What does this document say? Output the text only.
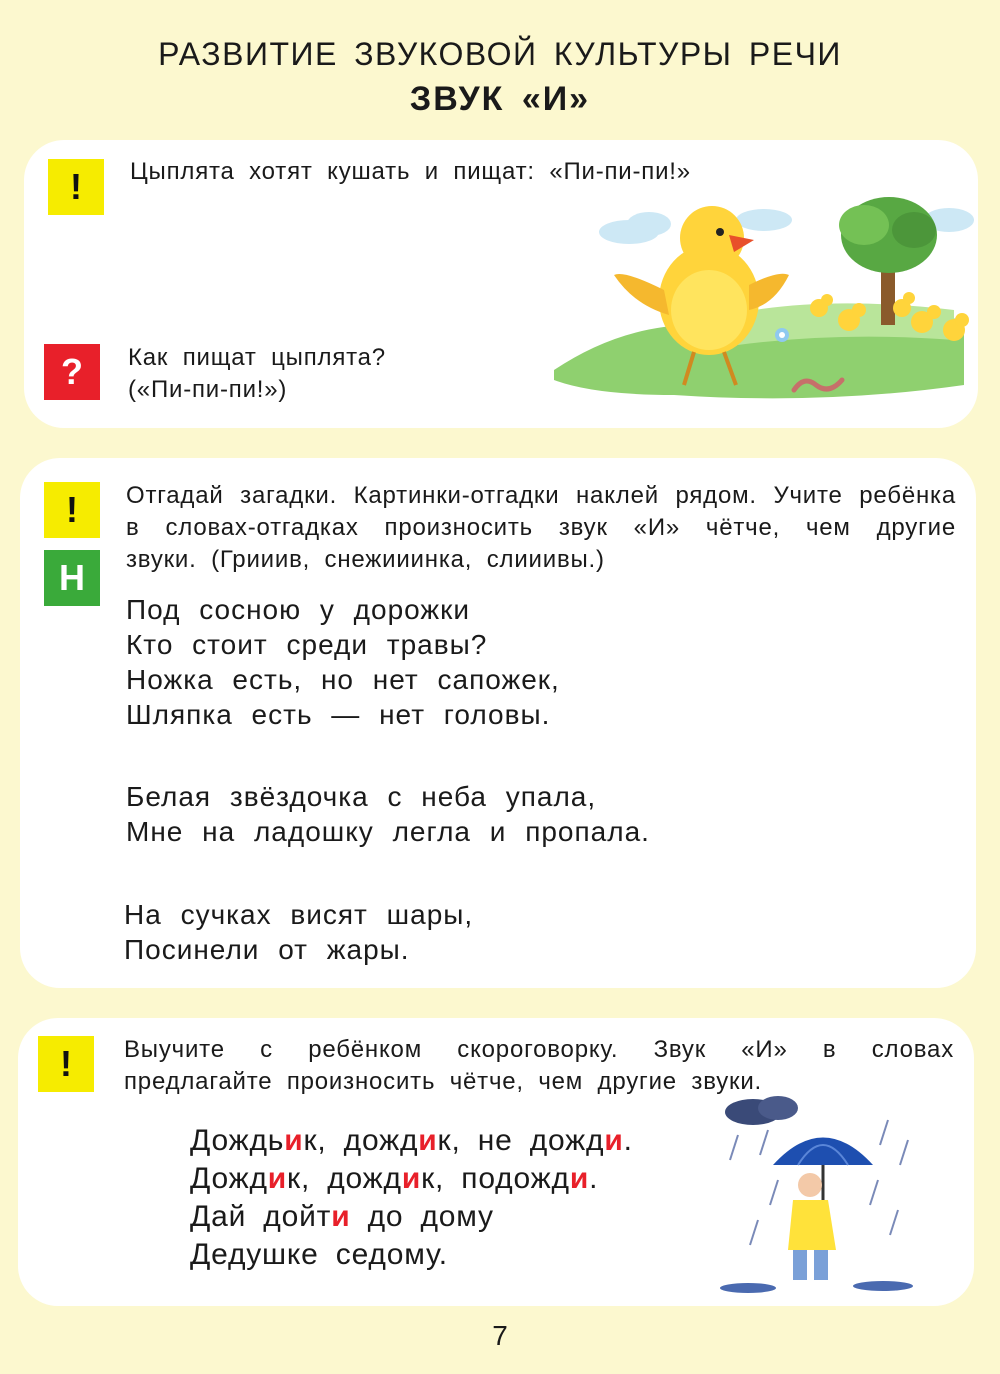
РАЗВИТИЕ ЗВУКОВОЙ КУЛЬТУРЫ РЕЧИ
ЗВУК «И»
!	Цыплята хотят кушать и пищат: «Пи-пи-пи!»
?	Как пищат цыплята?
(«Пи-пи-пи!»)
!
Н
Отгадай загадки. Картинки-отгадки наклей рядом. Учите ребёнка в словах-отгадках произносить звук «И» чётче, чем другие звуки. (Грииив, снежииинка, слииивы.)
Под сосною у дорожки
Кто стоит среди травы?
Ножка есть, но нет сапожек,
Шляпка есть — нет головы.
Белая звёздочка с неба упала,
Мне на ладошку легла и пропала.
На сучках висят шары,
Посинели от жары.
!	Выучите с ребёнком скороговорку. Звук «И» в словах предлагайте произносить чётче, чем другие звуки.
Дождьик, дождик, не дожди.
Дождик, дождик, подожди.
Дай дойти до дому
Дедушке седому.
7
